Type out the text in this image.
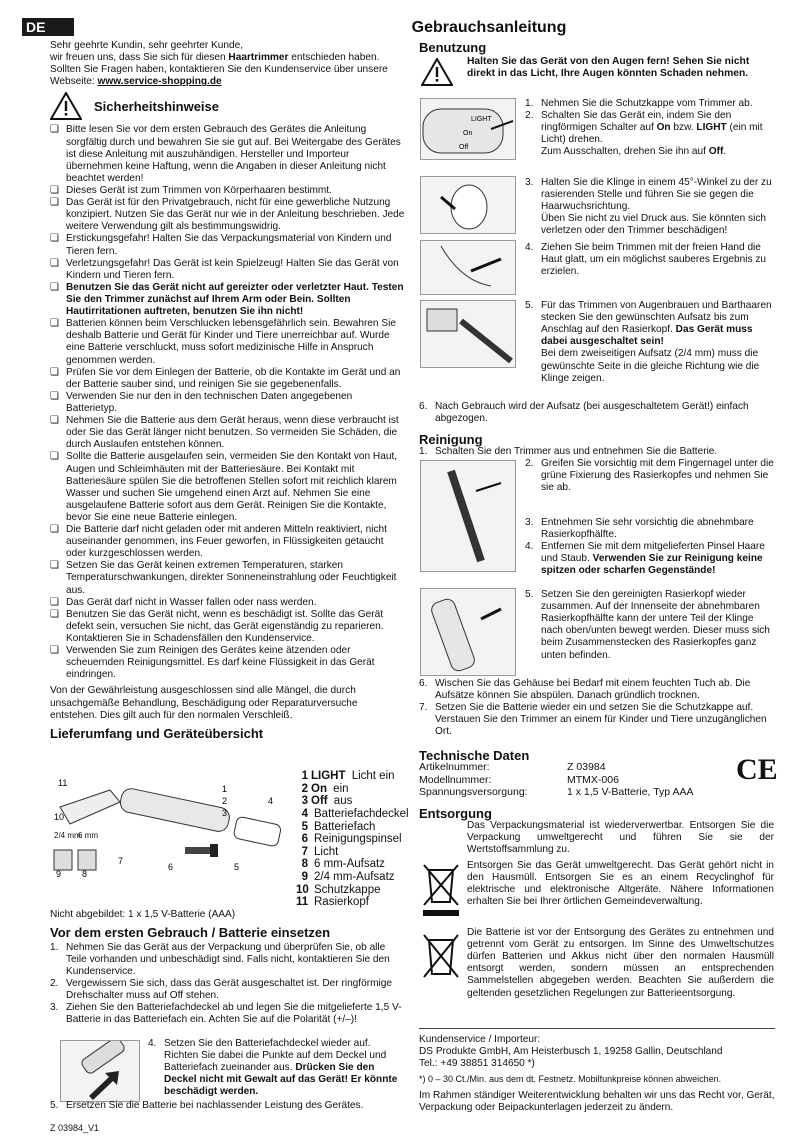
DE	Gebrauchsanleitung
Sehr geehrte Kundin, sehr geehrter Kunde,
wir freuen uns, dass Sie sich für diesen Haartrimmer entschieden haben. Sollten Sie Fragen haben, kontaktieren Sie den Kundenservice über unsere Webseite: www.service-shopping.de
Sicherheitshinweise
❏ Bitte lesen Sie vor dem ersten Gebrauch des Gerätes die Anleitung sorgfältig durch und bewahren Sie sie gut auf. Bei Weitergabe des Gerätes ist diese Anleitung mit auszuhändigen. Hersteller und Importeur übernehmen keine Haftung, wenn die Angaben in dieser Anleitung nicht beachtet werden!
❏ Dieses Gerät ist zum Trimmen von Körperhaaren bestimmt.
❏ Das Gerät ist für den Privatgebrauch, nicht für eine gewerbliche Nutzung konzipiert. Nutzen Sie das Gerät nur wie in der Anleitung beschrieben. Jede weitere Verwendung gilt als bestimmungswidrig.
❏ Erstickungsgefahr! Halten Sie das Verpackungsmaterial von Kindern und Tieren fern.
❏ Verletzungsgefahr! Das Gerät ist kein Spielzeug! Halten Sie das Gerät von Kindern und Tieren fern.
❏ Benutzen Sie das Gerät nicht auf gereizter oder verletzter Haut. Testen Sie den Trimmer zunächst auf Ihrem Arm oder Bein. Sollten Hautirritationen auftreten, benutzen Sie ihn nicht!
❏ Batterien können beim Verschlucken lebensgefährlich sein. Bewahren Sie deshalb Batterie und Gerät für Kinder und Tiere unerreichbar auf. Wurde eine Batterie verschluckt, muss sofort medizinische Hilfe in Anspruch genommen werden.
❏ Prüfen Sie vor dem Einlegen der Batterie, ob die Kontakte im Gerät und an der Batterie sauber sind, und reinigen Sie sie gegebenenfalls.
❏ Verwenden Sie nur den in den technischen Daten angegebenen Batterietyp.
❏ Nehmen Sie die Batterie aus dem Gerät heraus, wenn diese verbraucht ist oder Sie das Gerät länger nicht benutzen. So vermeiden Sie Schäden, die durch Auslaufen entstehen können.
❏ Sollte die Batterie ausgelaufen sein, vermeiden Sie den Kontakt von Haut, Augen und Schleimhäuten mit der Batteriesäure. Bei Kontakt mit Batteriesäure spülen Sie die betroffenen Stellen sofort mit reichlich klarem Wasser und suchen Sie umgehend einen Arzt auf. Nehmen Sie eine ausgelaufene Batterie sofort aus dem Gerät. Reinigen Sie die Kontakte, bevor Sie eine neue Batterie einlegen.
❏ Die Batterie darf nicht geladen oder mit anderen Mitteln reaktiviert, nicht auseinander genommen, ins Feuer geworfen, in Flüssigkeiten getaucht oder kurzgeschlossen werden.
❏ Setzen Sie das Gerät keinen extremen Temperaturen, starken Temperaturschwankungen, direkter Sonneneinstrahlung oder Feuchtigkeit aus.
❏ Das Gerät darf nicht in Wasser fallen oder nass werden.
❏ Benutzen Sie das Gerät nicht, wenn es beschädigt ist. Sollte das Gerät defekt sein, versuchen Sie nicht, das Gerät eigenständig zu reparieren. Kontaktieren Sie in Schadensfällen den Kundenservice.
❏ Verwenden Sie zum Reinigen des Gerätes keine ätzenden oder scheuernden Reinigungsmittel. Es darf keine Flüssigkeit in das Gerät eindringen.
Von der Gewährleistung ausgeschlossen sind alle Mängel, die durch unsachgemäße Behandlung, Beschädigung oder Reparaturversuche entstehen. Dies gilt auch für den normalen Verschleiß.
Lieferumfang und Geräteübersicht
2/4 mm
6 mm
11
10
1
2
3
4
5
6
7
8
9
1 LIGHT Licht ein
2 On ein
3 Off aus
4 Batteriefachdeckel
5 Batteriefach
6 Reinigungspinsel
7 Licht
8 6 mm-Aufsatz
9 2/4 mm-Aufsatz
10 Schutzkappe
11 Rasierkopf
Nicht abgebildet: 1 x 1,5 V-Batterie (AAA)
Vor dem ersten Gebrauch / Batterie einsetzen
1. Nehmen Sie das Gerät aus der Verpackung und überprüfen Sie, ob alle Teile vorhanden und unbeschädigt sind. Falls nicht, kontaktieren Sie den Kundenservice.
2. Vergewissern Sie sich, dass das Gerät ausgeschaltet ist. Der ringförmige Drehschalter muss auf Off stehen.
3. Ziehen Sie den Batteriefachdeckel ab und legen Sie die mitgelieferte 1,5 V-Batterie in das Batteriefach ein. Achten Sie auf die Polarität (+/–)!
4. Setzen Sie den Batteriefachdeckel wieder auf. Richten Sie dabei die Punkte auf dem Deckel und Batteriefach zueinander aus. Drücken Sie den Deckel nicht mit Gewalt auf das Gerät! Er könnte beschädigt werden.
5. Ersetzen Sie die Batterie bei nachlassender Leistung des Gerätes.
Z 03984_V1
Benutzung
Halten Sie das Gerät von den Augen fern! Sehen Sie nicht direkt in das Licht, Ihre Augen könnten Schaden nehmen.
LIGHT
On
Off
1. Nehmen Sie die Schutzkappe vom Trimmer ab.
2. Schalten Sie das Gerät ein, indem Sie den ringförmigen Schalter auf On bzw. LIGHT (ein mit Licht) drehen.
Zum Ausschalten, drehen Sie ihn auf Off.
3. Halten Sie die Klinge in einem 45°-Winkel zu der zu rasierenden Stelle und führen Sie sie gegen die Haarwuchsrichtung.
Üben Sie nicht zu viel Druck aus. Sie könnten sich verletzen oder den Trimmer beschädigen!
4. Ziehen Sie beim Trimmen mit der freien Hand die Haut glatt, um ein möglichst sauberes Ergebnis zu erzielen.
5. Für das Trimmen von Augenbrauen und Barthaaren stecken Sie den gewünschten Aufsatz bis zum Anschlag auf den Rasierkopf. Das Gerät muss dabei ausgeschaltet sein!
Bei dem zweiseitigen Aufsatz (2/4 mm) muss die gewünschte Seite in die gleiche Richtung wie die Klinge zeigen.
6. Nach Gebrauch wird der Aufsatz (bei ausgeschaltetem Gerät!) einfach abgezogen.
Reinigung
1. Schalten Sie den Trimmer aus und entnehmen Sie die Batterie.
2. Greifen Sie vorsichtig mit dem Fingernagel unter die grüne Fixierung des Rasierkopfes und nehmen Sie sie ab.
3. Entnehmen Sie sehr vorsichtig die abnehmbare Rasierkopfhälfte.
4. Entfernen Sie mit dem mitgelieferten Pinsel Haare und Staub. Verwenden Sie zur Reinigung keine spitzen oder scharfen Gegenstände!
5. Setzen Sie den gereinigten Rasierkopf wieder zusammen. Auf der Innenseite der abnehmbaren Rasierkopfhälfte kann der untere Teil der Klinge nach oben/unten bewegt werden. Dieser muss sich beim Zusammenstecken des Rasierkopfes ganz unten befinden.
6. Wischen Sie das Gehäuse bei Bedarf mit einem feuchten Tuch ab. Die Aufsätze können Sie abspülen. Danach gründlich trocknen.
7. Setzen Sie die Batterie wieder ein und setzen Sie die Schutzkappe auf. Verstauen Sie den Trimmer an einem für Kinder und Tiere unzugänglichen Ort.
Technische Daten
Artikelnummer:	Z 03984
Modellnummer:	MTMX-006
Spannungsversorgung:	1 x 1,5 V-Batterie, Typ AAA
CE
Entsorgung
Das Verpackungsmaterial ist wiederverwertbar. Entsorgen Sie die Verpackung umweltgerecht und führen Sie sie der Wertstoffsammlung zu.
Entsorgen Sie das Gerät umweltgerecht. Das Gerät gehört nicht in den Hausmüll. Entsorgen Sie es an einem Recyclinghof für elektrische und elektronische Altgeräte. Nähere Informationen erhalten Sie bei Ihrer örtlichen Gemeindeverwaltung.
Die Batterie ist vor der Entsorgung des Gerätes zu entnehmen und getrennt vom Gerät zu entsorgen. Im Sinne des Umweltschutzes dürfen Batterien und Akkus nicht über den normalen Hausmüll entsorgt werden, sondern müssen an entsprechenden Sammelstellen abgegeben werden. Beachten Sie außerdem die geltenden gesetzlichen Regelungen zur Batterieentsorgung.
Kundenservice / Importeur:
DS Produkte GmbH, Am Heisterbusch 1, 19258 Gallin, Deutschland
Tel.: +49 38851 314650 *)
*) 0 – 30 Ct./Min. aus dem dt. Festnetz. Mobilfunkpreise können abweichen.
Im Rahmen ständiger Weiterentwicklung behalten wir uns das Recht vor, Gerät, Verpackung oder Beipackunterlagen jederzeit zu ändern.
